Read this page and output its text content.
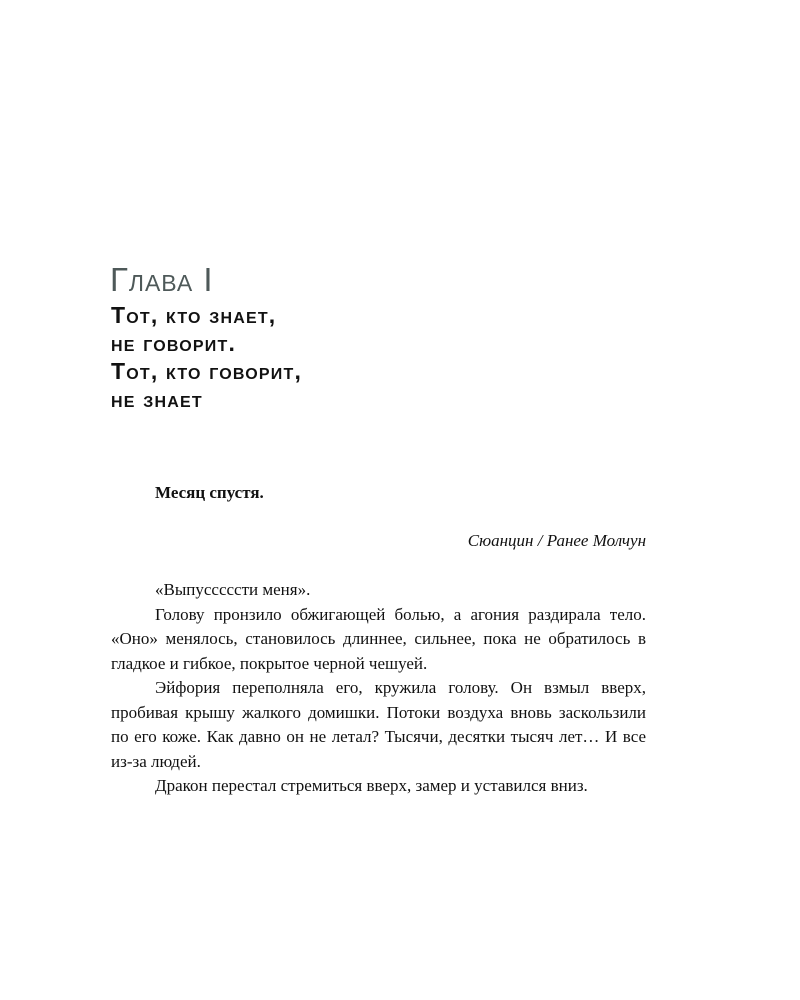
Глава I
Тот, кто знает,
не говорит.
Тот, кто говорит,
не знает
Месяц спустя.
Сюанцин / Ранее Молчун

«Выпусссссти меня».

Голову пронзило обжигающей болью, а агония раздирала тело. «Оно» менялось, становилось длиннее, сильнее, пока не обратилось в гладкое и гибкое, покрытое черной чешуей.

Эйфория переполняла его, кружила голову. Он взмыл вверх, пробивая крышу жалкого домишки. Потоки воздуха вновь заскользили по его коже. Как давно он не летал? Тысячи, десятки тысяч лет… И все из-за людей.

Дракон перестал стремиться вверх, замер и уставился вниз.
